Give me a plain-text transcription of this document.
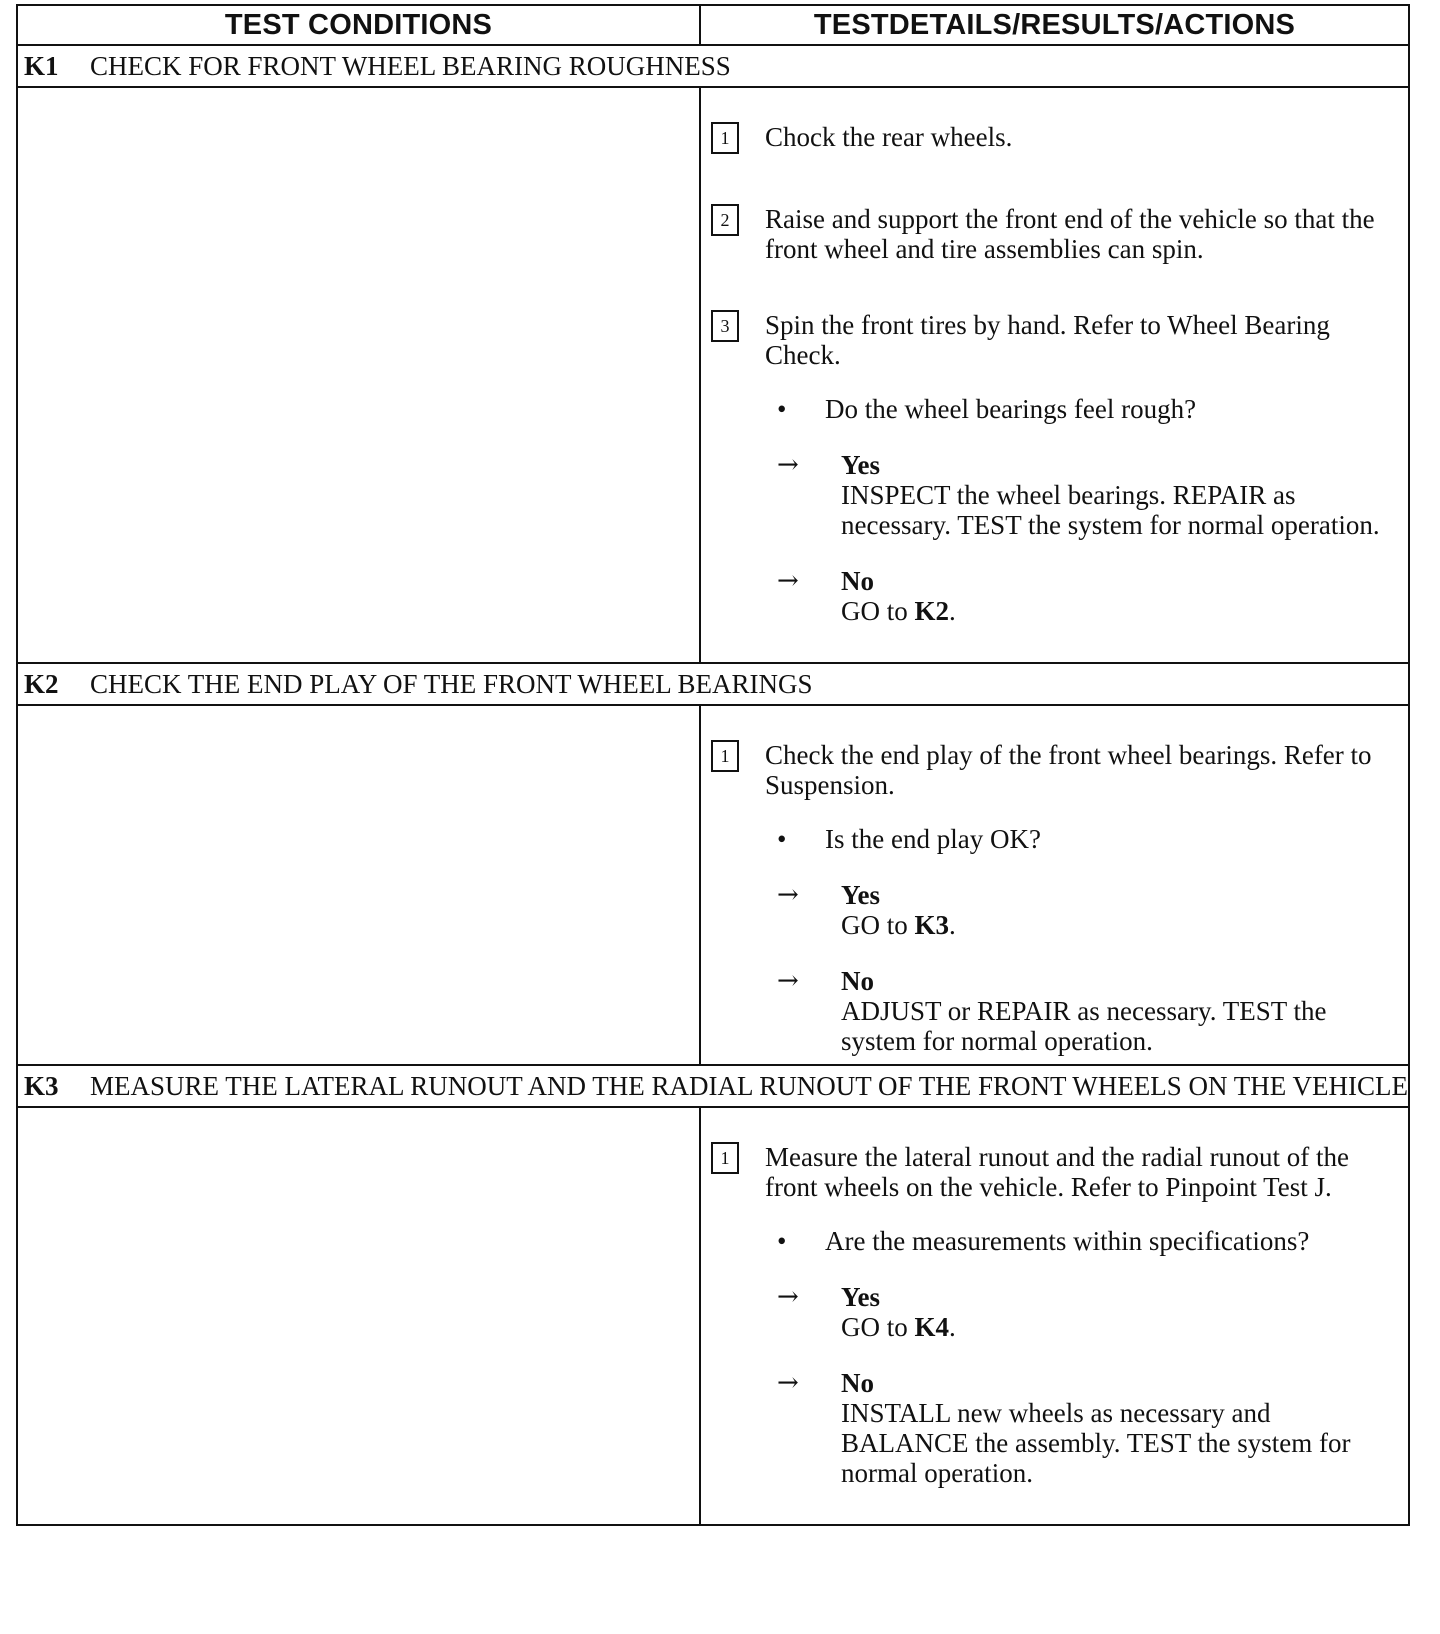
TEST CONDITIONS	TESTDETAILS/RESULTS/ACTIONS
K1	CHECK FOR FRONT WHEEL BEARING ROUGHNESS
1	Chock the rear wheels.
2	Raise and support the front end of the vehicle so that the front wheel and tire assemblies can spin.
3	Spin the front tires by hand. Refer to Wheel Bearing Check.
•	Do the wheel bearings feel rough?
→	Yes
INSPECT the wheel bearings. REPAIR as necessary. TEST the system for normal operation.
→	No
GO to K2.
K2	CHECK THE END PLAY OF THE FRONT WHEEL BEARINGS
1	Check the end play of the front wheel bearings. Refer to Suspension.
•	Is the end play OK?
→	Yes
GO to K3.
→	No
ADJUST or REPAIR as necessary. TEST the system for normal operation.
K3	MEASURE THE LATERAL RUNOUT AND THE RADIAL RUNOUT OF THE FRONT WHEELS ON THE VEHICLE
1	Measure the lateral runout and the radial runout of the front wheels on the vehicle. Refer to Pinpoint Test J.
•	Are the measurements within specifications?
→	Yes
GO to K4.
→	No
INSTALL new wheels as necessary and BALANCE the assembly. TEST the system for normal operation.
